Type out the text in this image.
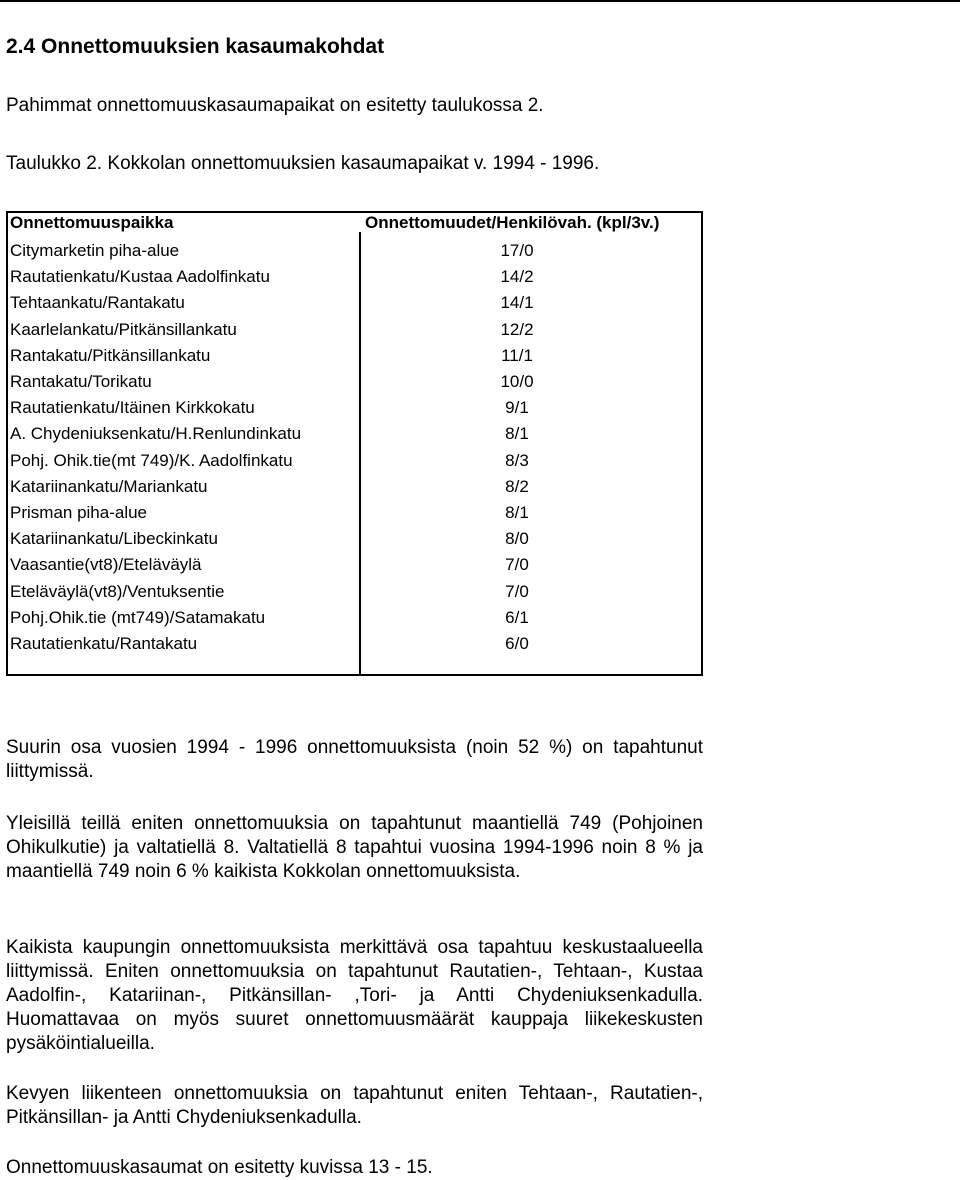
2.4 Onnettomuuksien kasaumakohdat
Pahimmat onnettomuuskasaumapaikat on esitetty taulukossa 2.
Taulukko 2. Kokkolan onnettomuuksien kasaumapaikat v. 1994 - 1996.
Onnettomuuspaikka	Onnettomuudet/Henkilövah. (kpl/3v.)
Citymarketin piha-alue	17/0
Rautatienkatu/Kustaa Aadolfinkatu	14/2
Tehtaankatu/Rantakatu	14/1
Kaarlelankatu/Pitkänsillankatu	12/2
Rantakatu/Pitkänsillankatu	11/1
Rantakatu/Torikatu	10/0
Rautatienkatu/Itäinen Kirkkokatu	9/1
A. Chydeniuksenkatu/H.Renlundinkatu	8/1
Pohj. Ohik.tie(mt 749)/K. Aadolfinkatu	8/3
Katariinankatu/Mariankatu	8/2
Prisman piha-alue	8/1
Katariinankatu/Libeckinkatu	8/0
Vaasantie(vt8)/Eteläväylä	7/0
Eteläväylä(vt8)/Ventuksentie	7/0
Pohj.Ohik.tie (mt749)/Satamakatu	6/1
Rautatienkatu/Rantakatu	6/0
Suurin osa vuosien 1994 - 1996 onnettomuuksista (noin 52 %) on tapahtunut liittymissä.
Yleisillä teillä eniten onnettomuuksia on tapahtunut maantiellä 749 (Pohjoinen Ohikulkutie) ja valtatiellä 8. Valtatiellä 8 tapahtui vuosina 1994-1996 noin 8 % ja maantiellä 749 noin 6 % kaikista Kokkolan onnettomuuksista.
Kaikista kaupungin onnettomuuksista merkittävä osa tapahtuu keskustaalueella liittymissä. Eniten onnettomuuksia on tapahtunut Rautatien-, Tehtaan-, Kustaa Aadolfin-, Katariinan-, Pitkänsillan- ,Tori- ja Antti Chydeniuksenkadulla. Huomattavaa on myös suuret onnettomuusmäärät kauppaja liikekeskusten pysäköintialueilla.
Kevyen liikenteen onnettomuuksia on tapahtunut eniten Tehtaan-, Rautatien-, Pitkänsillan- ja Antti Chydeniuksenkadulla.
Onnettomuuskasaumat on esitetty kuvissa 13 - 15.
